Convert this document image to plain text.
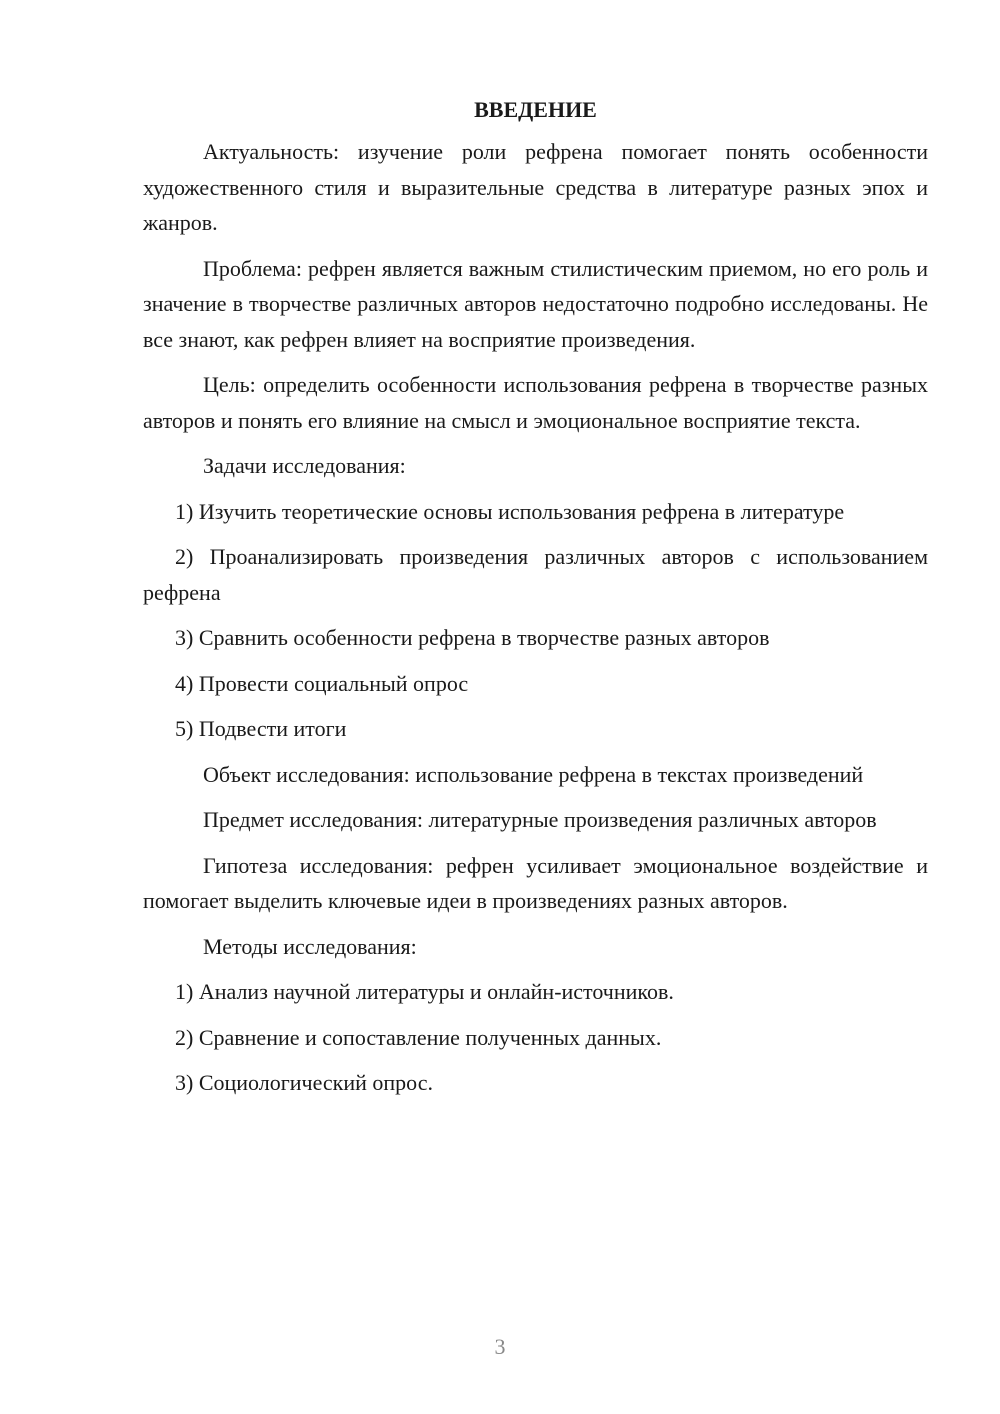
ВВЕДЕНИЕ

Актуальность: изучение роли рефрена помогает понять особенности художественного стиля и выразительные средства в литературе разных эпох и жанров.

Проблема: рефрен является важным стилистическим приемом, но его роль и значение в творчестве различных авторов недостаточно подробно исследованы. Не все знают, как рефрен влияет на восприятие произведения.

Цель: определить особенности использования рефрена в творчестве разных авторов и понять его влияние на смысл и эмоциональное восприятие текста.

Задачи исследования:

1) Изучить теоретические основы использования рефрена в литературе

2) Проанализировать произведения различных авторов с использованием рефрена

3) Сравнить особенности рефрена в творчестве разных авторов

4) Провести социальный опрос

5) Подвести итоги

Объект исследования: использование рефрена в текстах произведений

Предмет исследования: литературные произведения различных авторов

Гипотеза исследования: рефрен усиливает эмоциональное воздействие и помогает выделить ключевые идеи в произведениях разных авторов.

Методы исследования:

1) Анализ научной литературы и онлайн-источников.

2) Сравнение и сопоставление полученных данных.

3) Социологический опрос.

3
